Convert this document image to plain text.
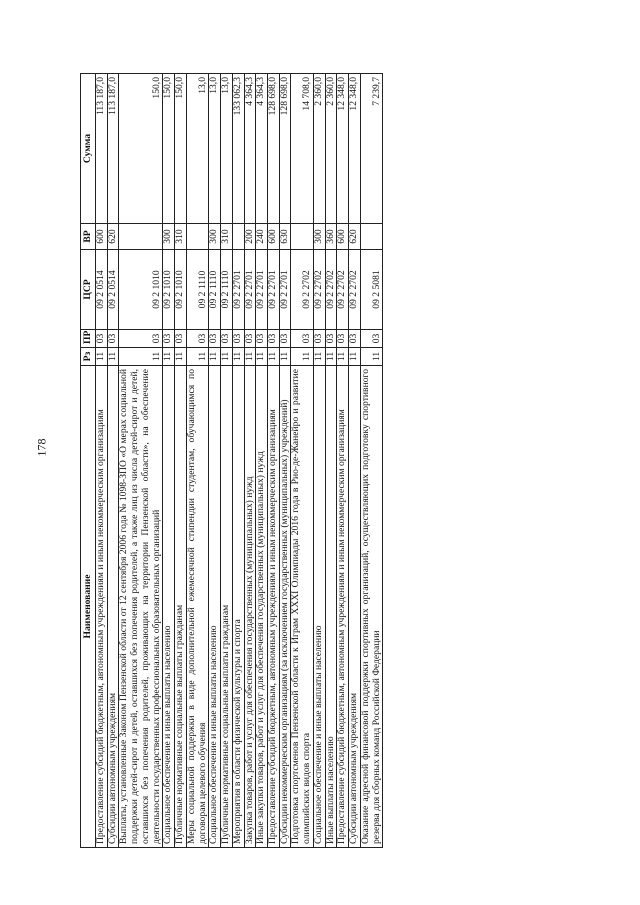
178
Наименование	Рз	ПР	ЦСР	ВР	Сумма
Предоставление субсидий бюджетным, автономным учреждениям и иным некоммерческим организациям	11	03	09 2 0514	600	113 187,0
Субсидии автономным учреждениям	11	03	09 2 0514	620	113 187,0
Выплаты, установленные Законом Пензенской области от 12 сентября 2006 года № 1098-ЗПО «О мерах социальной поддержки детей-сирот и детей, оставшихся без попечения родителей, а также лиц из числа детей-сирот и детей, оставшихся без попечения родителей, проживающих на территории Пензенской области», на обеспечение деятельности государственных профессиональных образовательных организаций	11	03	09 2 1010		150,0
Социальное обеспечение и иные выплаты населению	11	03	09 2 1010	300	150,0
Публичные нормативные социальные выплаты гражданам	11	03	09 2 1010	310	150,0
Меры социальной поддержки в виде дополнительной ежемесячной стипендии студентам, обучающимся по договорам целевого обучения	11	03	09 2 1110		13,0
Социальное обеспечение и иные выплаты населению	11	03	09 2 1110	300	13,0
Публичные нормативные социальные выплаты гражданам	11	03	09 2 1110	310	13,0
Мероприятия в области физической культуры и спорта	11	03	09 2 2701		133 062,3
Закупка товаров, работ и услуг для обеспечения государственных (муниципальных) нужд	11	03	09 2 2701	200	4 364,3
Иные закупки товаров, работ и услуг для обеспечения государственных (муниципальных) нужд	11	03	09 2 2701	240	4 364,3
Предоставление субсидий бюджетным, автономным учреждениям и иным некоммерческим организациям	11	03	09 2 2701	600	128 698,0
Субсидии некоммерческим организациям (за исключением государственных (муниципальных) учреждений)	11	03	09 2 2701	630	128 698,0
Подготовка спортсменов Пензенской области к Играм XXXI Олимпиады 2016 года в Рио-де-Жанейро и развитие олимпийских видов спорта	11	03	09 2 2702		14 708,0
Социальное обеспечение и иные выплаты населению	11	03	09 2 2702	300	2 360,0
Иные выплаты населению	11	03	09 2 2702	360	2 360,0
Предоставление субсидий бюджетным, автономным учреждениям и иным некоммерческим организациям	11	03	09 2 2702	600	12 348,0
Субсидии автономным учреждениям	11	03	09 2 2702	620	12 348,0
Оказание адресной финансовой поддержки спортивных организаций, осуществляющих подготовку спортивного резерва для сборных команд Российской Федерации	11	03	09 2 5081		7 239,7
